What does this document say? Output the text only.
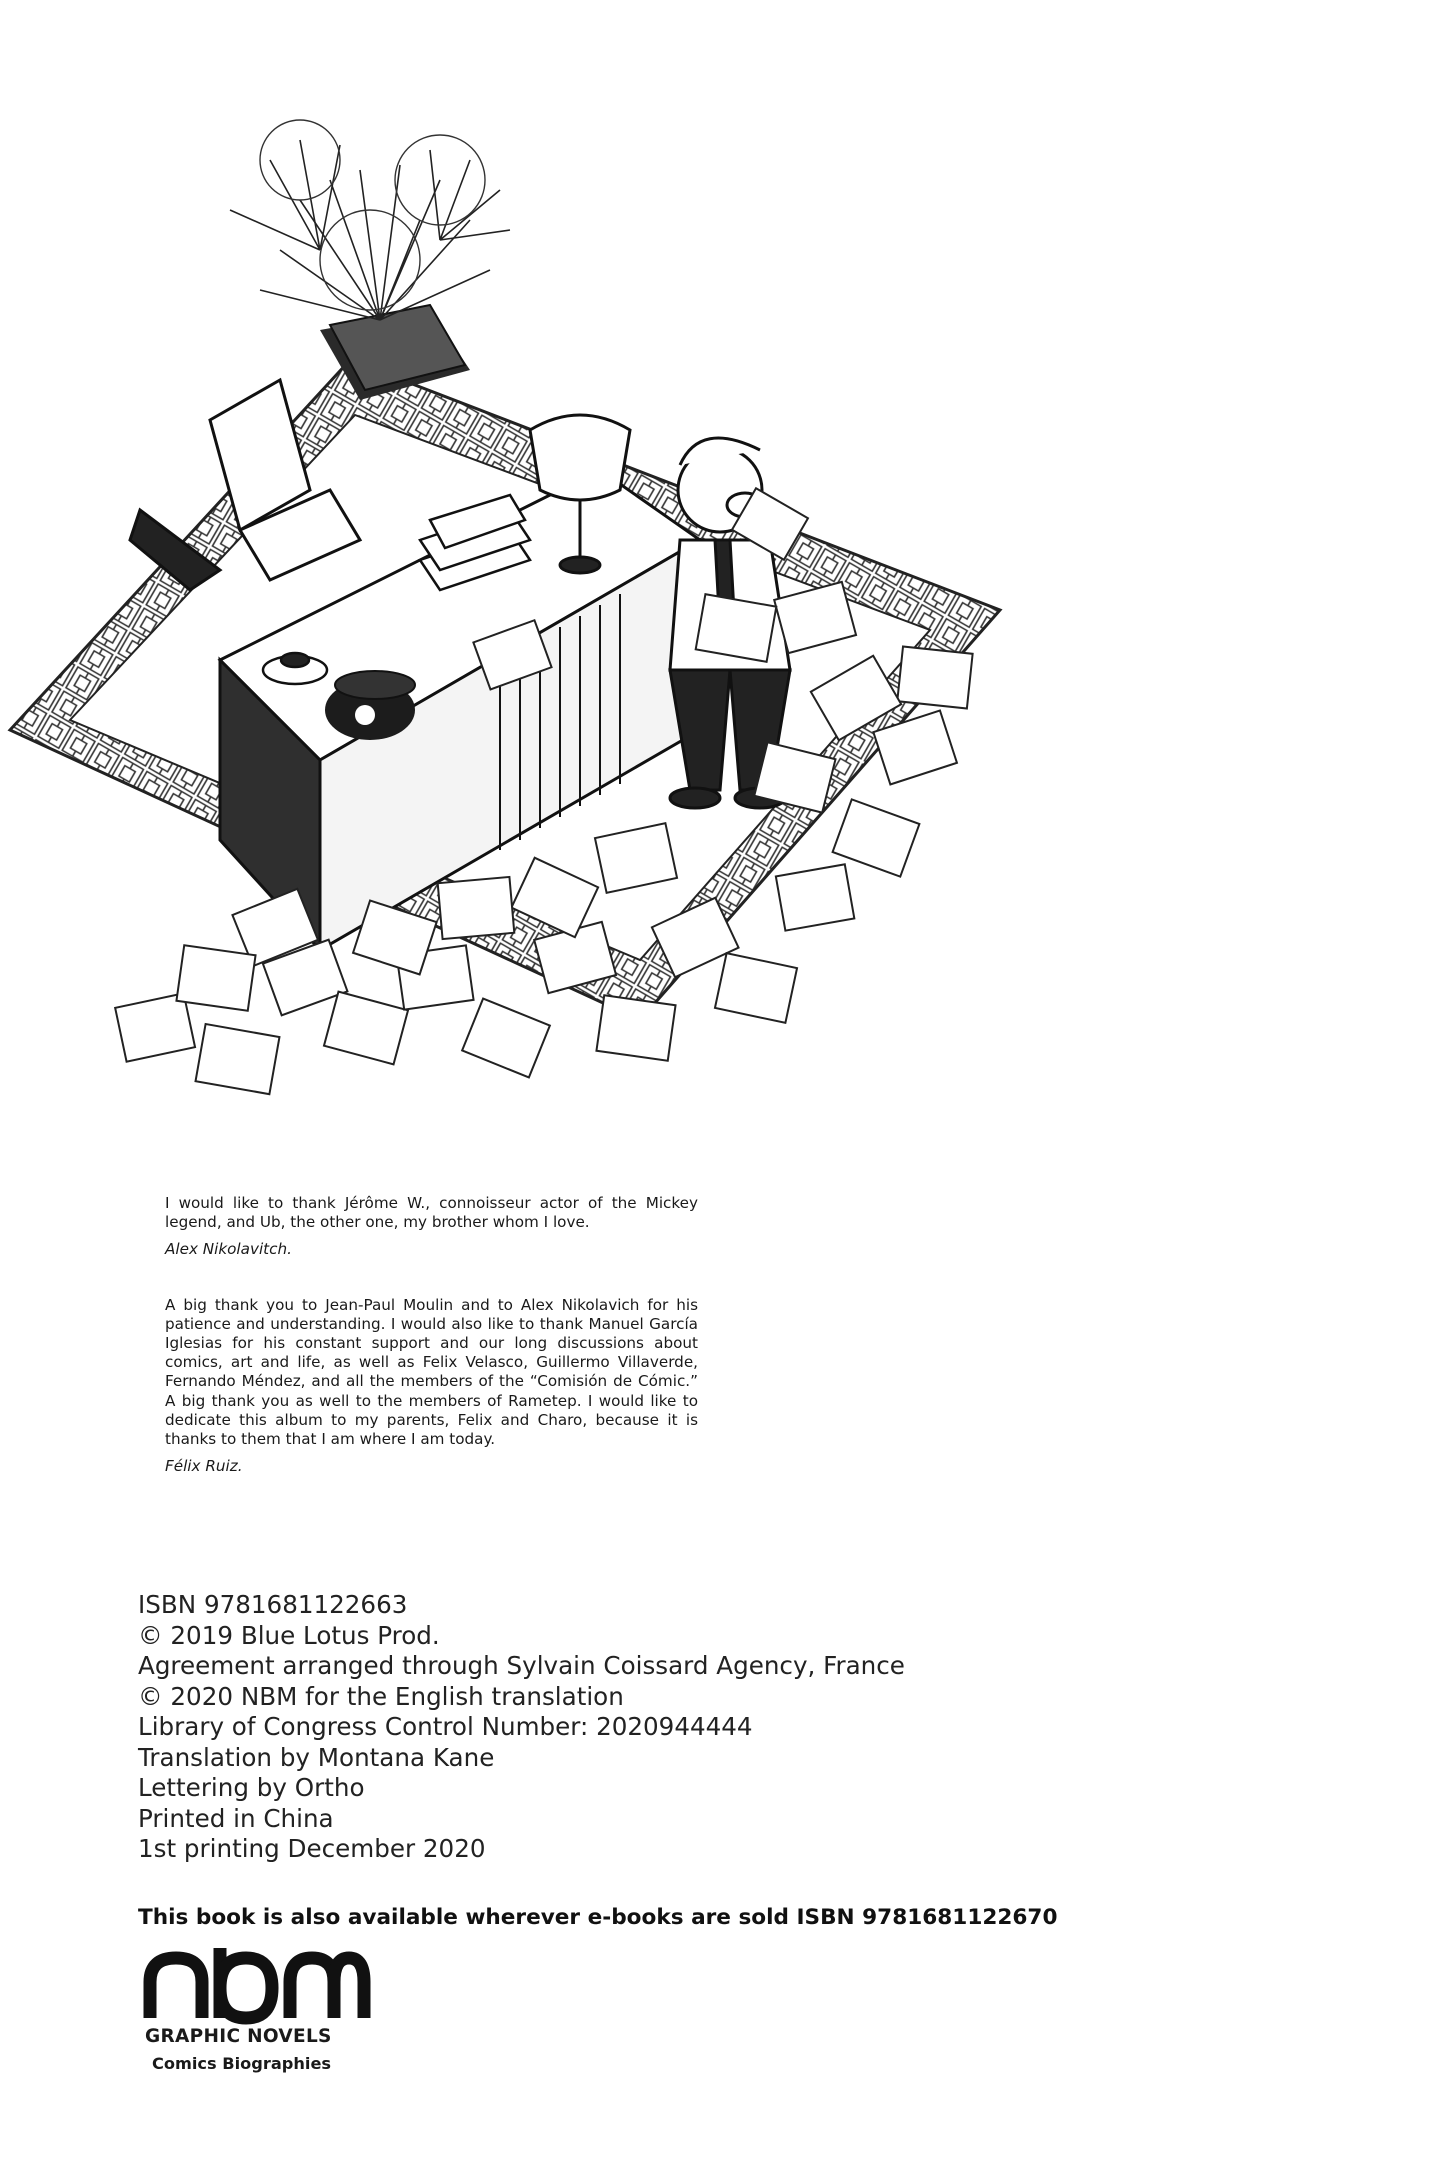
I would like to thank Jérôme W., connoisseur actor of the Mickey legend, and Ub, the other one, my brother whom I love.

Alex Nikolavitch.

A big thank you to Jean-Paul Moulin and to Alex Nikolavich for his patience and understanding. I would also like to thank Manuel García Iglesias for his constant support and our long discussions about comics, art and life, as well as Felix Velasco, Guillermo Villaverde, Fernando Méndez, and all the members of the “Comisión de Cómic.” A big thank you as well to the members of Rametep. I would like to dedicate this album to my parents, Felix and Charo, because it is thanks to them that I am where I am today.

Félix Ruiz.

ISBN 9781681122663
© 2019 Blue Lotus Prod.
Agreement arranged through Sylvain Coissard Agency, France
© 2020 NBM for the English translation
Library of Congress Control Number: 2020944444
Translation by Montana Kane
Lettering by Ortho
Printed in China
1st printing December 2020
This book is also available wherever e-books are sold ISBN 9781681122670
GRAPHIC NOVELS
Comics Biographies
